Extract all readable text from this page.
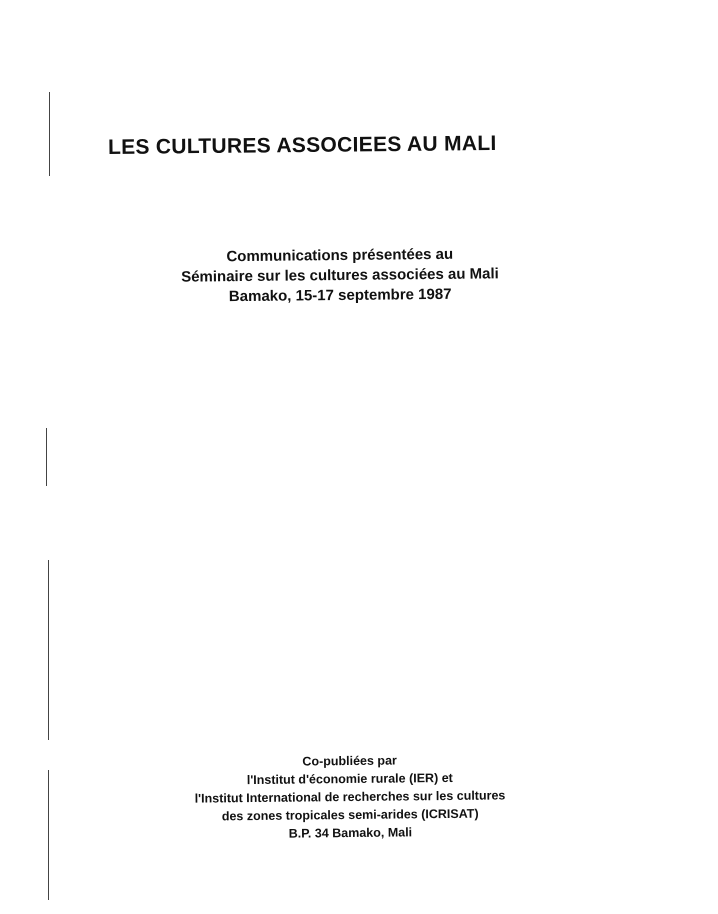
LES CULTURES ASSOCIEES AU MALI
Communications présentées au
Séminaire sur les cultures associées au Mali
Bamako, 15-17 septembre 1987
Co-publiées par
l'Institut d'économie rurale (IER) et
l'Institut International de recherches sur les cultures
des zones tropicales semi-arides (ICRISAT)
B.P. 34 Bamako, Mali
